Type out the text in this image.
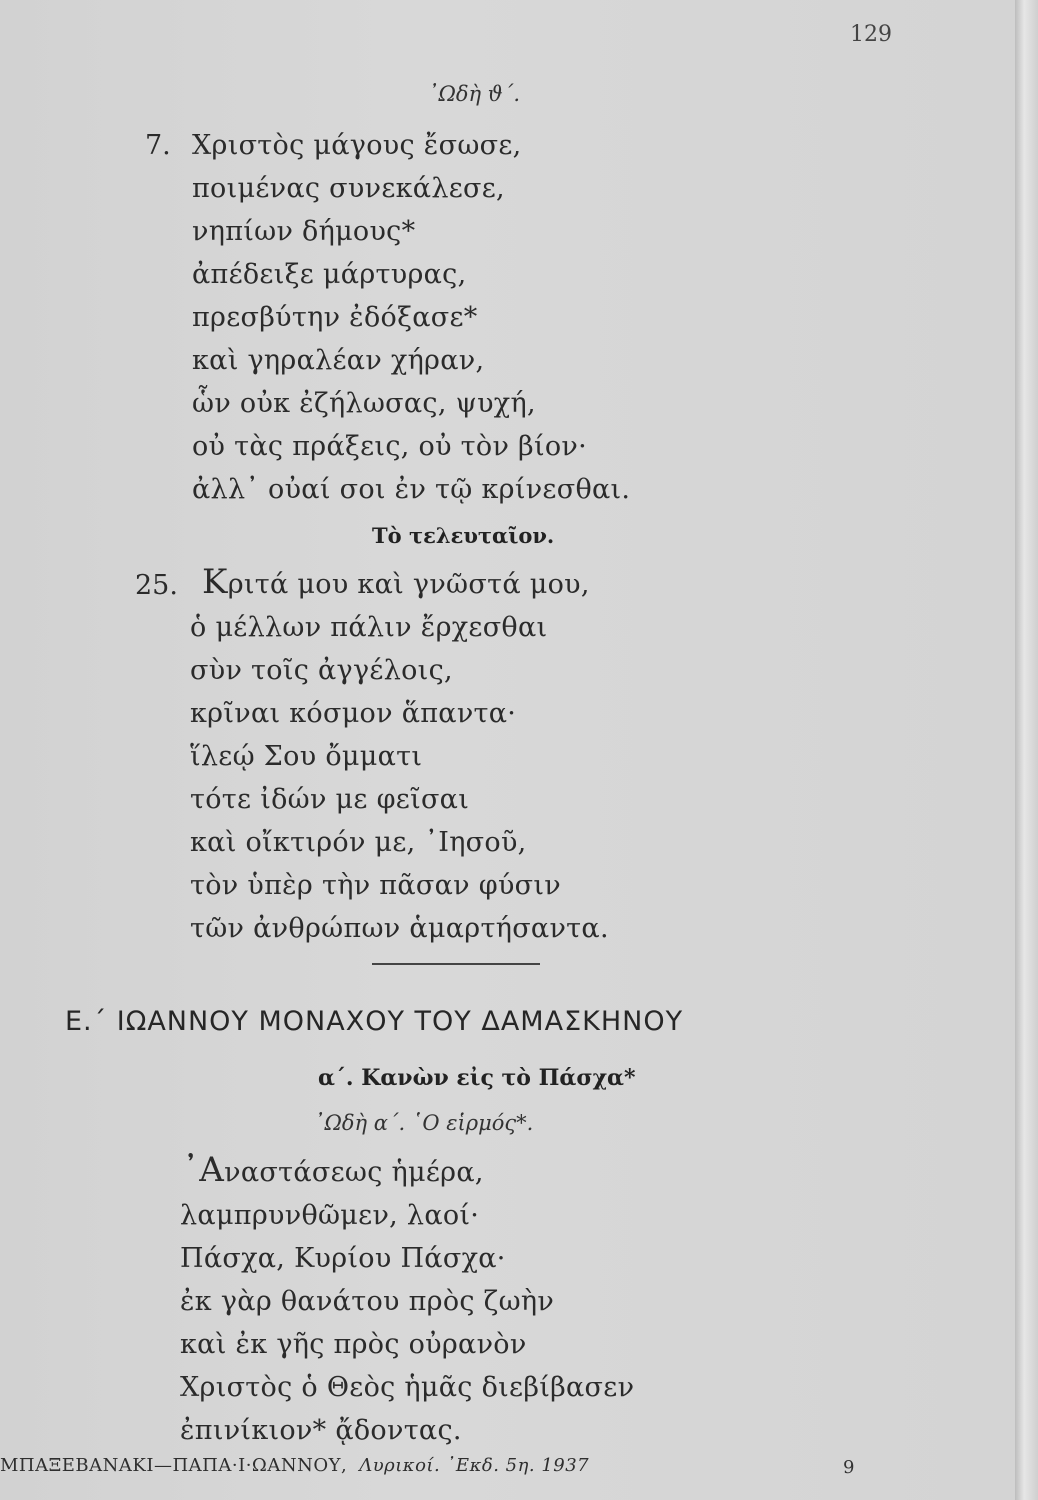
129
᾿Ωδὴ ϑ΄.
7. Χριστὸς μάγους ἔσωσε,
ποιμένας συνεκάλεσε,
νηπίων δήμους*
ἀπέδειξε μάρτυρας,
πρεσβύτην ἐδόξασε*
καὶ γηραλέαν χήραν,
ὧν οὐκ ἐζήλωσας, ψυχή,
οὐ τὰς πράξεις, οὐ τὸν βίον·
ἀλλ᾿ οὐαί σοι ἐν τῷ κρίνεσθαι.
Τὸ τελευταῖον.
25. Κριτά μου καὶ γνῶστά μου,
ὁ μέλλων πάλιν ἔρχεσθαι
σὺν τοῖς ἀγγέλοις,
κρῖναι κόσμον ἅπαντα·
ἵλεῴ Σου ὄμματι
τότε ἰδών με φεῖσαι
καὶ οἴκτιρόν με, ᾿Ιησοῦ,
τὸν ὑπὲρ τὴν πᾶσαν φύσιν
τῶν ἀνθρώπων ἁμαρτήσαντα.
Ε.΄ ΙΩΑΝΝΟΥ ΜΟΝΑΧΟΥ ΤΟΥ ΔΑΜΑΣΚΗΝΟΥ
α΄. Κανὼν εἰς τὸ Πάσχα*
᾿Ωδὴ α΄. ῾Ο εἱρμός*.
᾿Αναστάσεως ἡμέρα,
λαμπρυνθῶμεν, λαοί·
Πάσχα, Κυρίου Πάσχα·
ἐκ γὰρ θανάτου πρὸς ζωὴν
καὶ ἐκ γῆς πρὸς οὐρανὸν
Χριστὸς ὁ Θεὸς ἡμᾶς διεβίβασεν
ἐπινίκιον* ᾄδοντας.
ΜΠΑΞΕΒΑΝΑΚΙ—ΠΑΠΑ·Ι·ΩΑΝΝΟΥ, Λυρικοί. ᾿Εκδ. 5η. 1937	9
